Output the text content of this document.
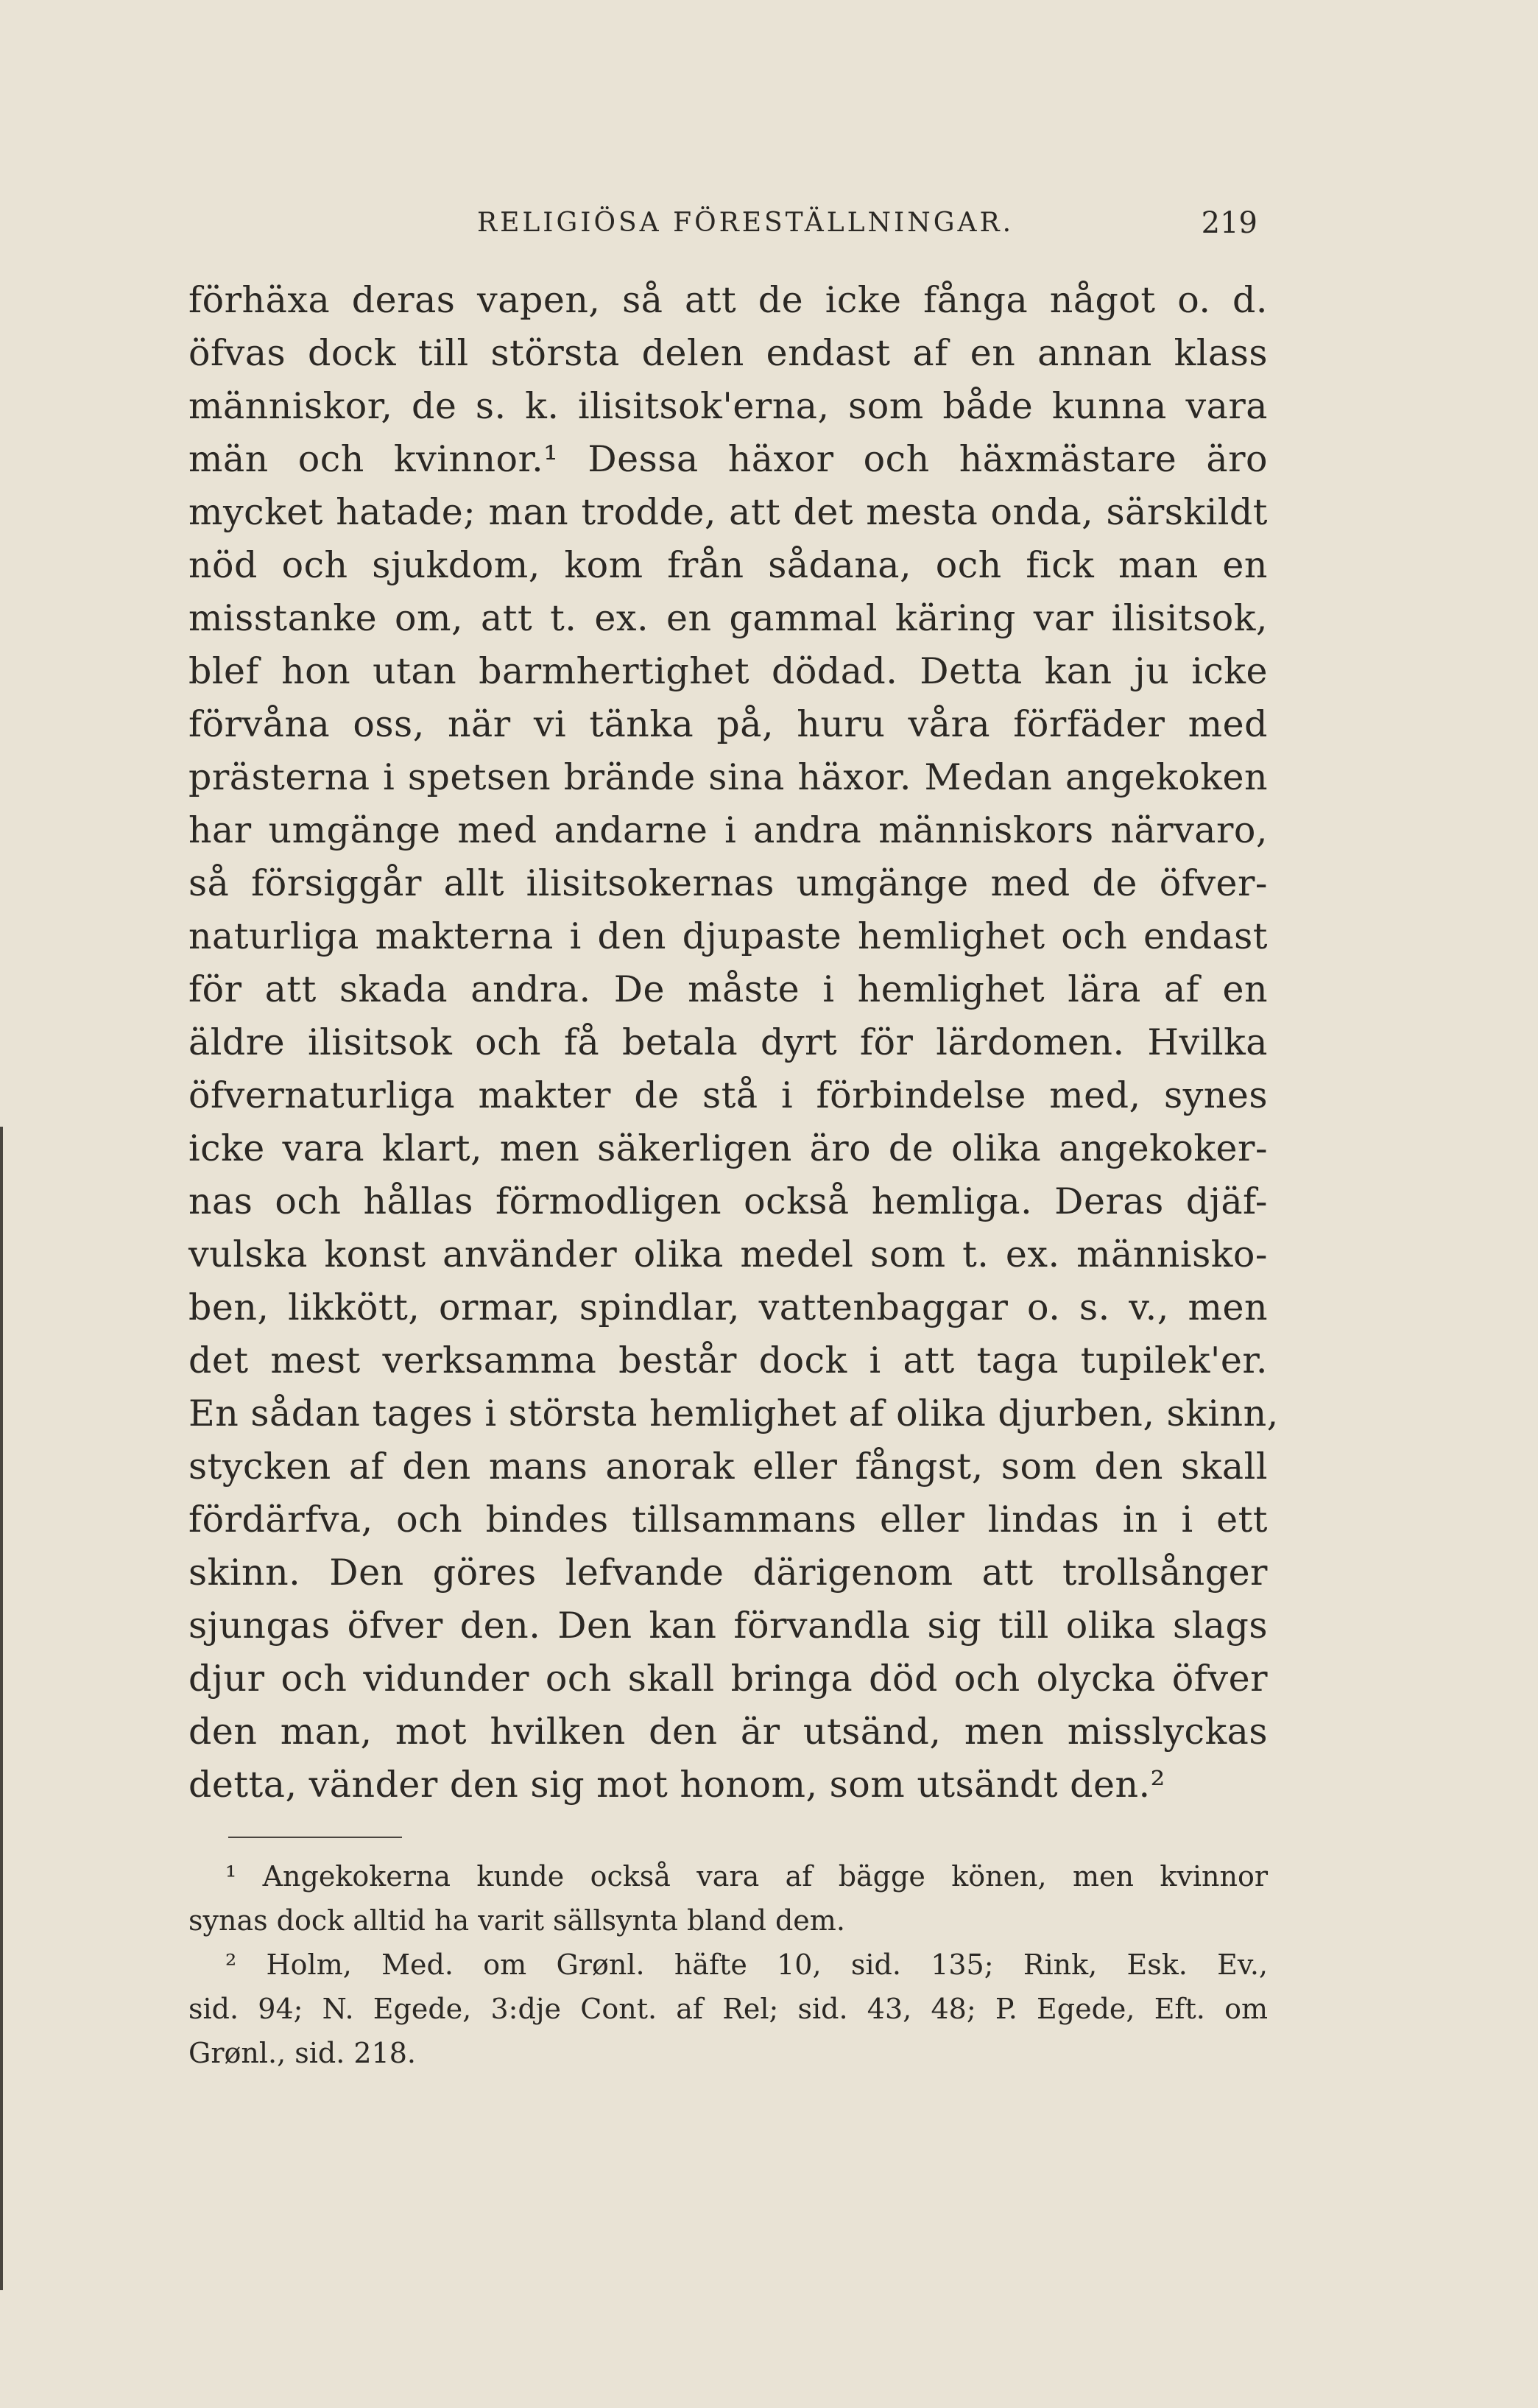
RELIGIÖSA FÖRESTÄLLNINGAR.	219
förhäxa deras vapen, så att de icke fånga något o. d.
öfvas dock till största delen endast af en annan klass
människor, de s. k. ilisitsok'erna, som både kunna vara
män och kvinnor.¹ Dessa häxor och häxmästare äro
mycket hatade; man trodde, att det mesta onda, särskildt
nöd och sjukdom, kom från sådana, och fick man en
misstanke om, att t. ex. en gammal käring var ilisitsok,
blef hon utan barmhertighet dödad. Detta kan ju icke
förvåna oss, när vi tänka på, huru våra förfäder med
prästerna i spetsen brände sina häxor. Medan angekoken
har umgänge med andarne i andra människors närvaro,
så försiggår allt ilisitsokernas umgänge med de öfver-
naturliga makterna i den djupaste hemlighet och endast
för att skada andra. De måste i hemlighet lära af en
äldre ilisitsok och få betala dyrt för lärdomen. Hvilka
öfvernaturliga makter de stå i förbindelse med, synes
icke vara klart, men säkerligen äro de olika angekoker-
nas och hållas förmodligen också hemliga. Deras djäf-
vulska konst använder olika medel som t. ex. människo-
ben, likkött, ormar, spindlar, vattenbaggar o. s. v., men
det mest verksamma består dock i att taga tupilek'er.
En sådan tages i största hemlighet af olika djurben, skinn,
stycken af den mans anorak eller fångst, som den skall
fördärfva, och bindes tillsammans eller lindas in i ett
skinn. Den göres lefvande därigenom att trollsånger
sjungas öfver den. Den kan förvandla sig till olika slags
djur och vidunder och skall bringa död och olycka öfver
den man, mot hvilken den är utsänd, men misslyckas
detta, vänder den sig mot honom, som utsändt den.²
¹ Angekokerna kunde också vara af bägge könen, men kvinnor
synas dock alltid ha varit sällsynta bland dem.
² Holm, Med. om Grønl. häfte 10, sid. 135; Rink, Esk. Ev.,
sid. 94; N. Egede, 3:dje Cont. af Rel; sid. 43, 48; P. Egede, Eft. om
Grønl., sid. 218.
